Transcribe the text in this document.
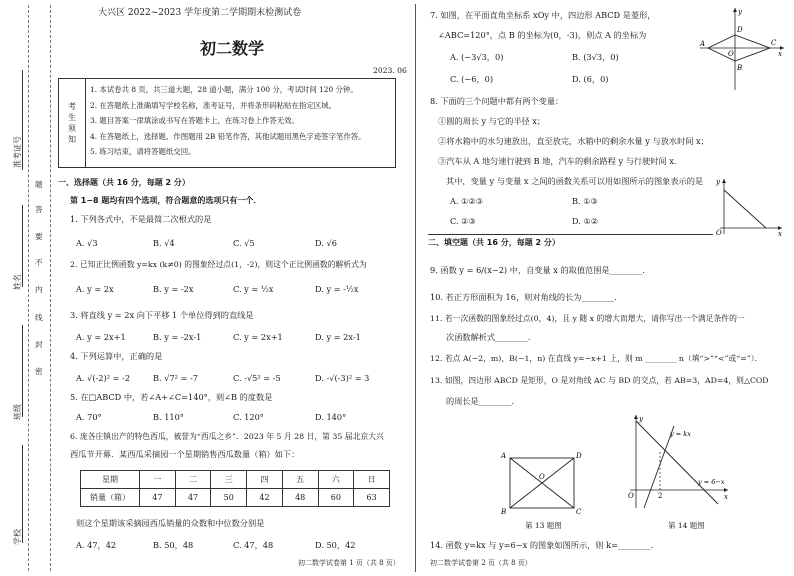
准考证号
姓名
班级
学校
题
答
要
不
内
线
封
密
大兴区 2022~2023 学年度第二学期期末检测试卷
初二数学
2023. 06
考生须知

1. 本试卷共 8 页，共三道大题，28 道小题，满分 100 分，考试时间 120 分钟。
2. 在答题纸上准确填写学校名称，准考证号，并将条形码粘贴在指定区域。
3. 题目答案一律填涂或书写在答题卡上，在练习卷上作答无效。
4. 在答题纸上，选择题、作图题用 2B 铅笔作答，其他试题用黑色字迹签字笔作答。
5. 练习结束，请将答题纸交回。
一、选择题（共 16 分，每题 2 分）
第 1−8 题均有四个选项，符合题意的选项只有一个．
1. 下列各式中，不是最简二次根式的是
A. √3	B. √4	C. √5	D. √6
2. 已知正比例函数 y=kx (k≠0) 的图象经过点(1，-2)，则这个正比例函数的解析式为
A. y = 2x	B. y = -2x	C. y = ½x	D. y = -½x
3. 将直线 y = 2x 向下平移 1 个单位得到的直线是
A. y = 2x+1	B. y = -2x-1	C. y = 2x+1	D. y = 2x-1
4. 下列运算中，正确的是
A. √(-2)² = -2	B. √7² = -7	C. -√5² = -5	D. -√(-3)² = 3
5. 在□ABCD 中，若∠A+∠C=140°，则∠B 的度数是
A. 70°	B. 110°	C. 120°	D. 140°
6. 庞各庄镇出产的特色西瓜，被誉为“西瓜之乡”．2023 年 5 月 28 日，第 35 届北京大兴
西瓜节开幕．某西瓜采摘园一个星期销售西瓜数量（箱）如下：
星期	一	二	三	四	五	六	日
销量（箱）	47	47	50	42	48	60	63
则这个星期该采摘园西瓜销量的众数和中位数分别是
A. 47，42	B. 50，48	C. 47，48	D. 50，42
初二数学试卷第 1 页（共 8 页）
7. 如图，在平面直角坐标系 xOy 中，四边形 ABCD 是菱形，
∠ABC=120°，点 B 的坐标为(0，-3)，则点 A 的坐标为
A. (−3√3，0)	B. (3√3，0)
C. (−6，0)	D. (6，0)
y
x
A
B
C
D
O
8. 下面的三个问题中都有两个变量：
①圆的周长 y 与它的半径 x；
②将水箱中的水匀速放出，直至放完，水箱中的剩余水量 y 与放水时间 x；
③汽车从 A 地匀速行驶到 B 地，汽车的剩余路程 y 与行驶时间 x．
其中，变量 y 与变量 x 之间的函数关系可以用如图所示的图象表示的是
A. ①②③	B. ①③
C. ②③	D. ①②
y
x
O
二、填空题（共 16 分，每题 2 分）
9. 函数 y = 6/(x−2) 中，自变量 x 的取值范围是________．
10. 若正方形面积为 16，则对角线的长为________．
11. 若一次函数的图象经过点(0，4)，且 y 随 x 的增大而增大，请你写出一个满足条件的一
次函数解析式________．
12. 若点 A(−2，m)，B(−1，n) 在直线 y=−x+1 上，则 m ________ n（填“>”“<”或“=”）．
13. 如图，四边形 ABCD 是矩形，O 是对角线 AC 与 BD 的交点，若 AB=3，AD=4，则△COD
的周长是________．
A
B	C
D
O
第 13 题图
y
x
O	2
y = kx
y = 6−x
第 14 题图
14. 函数 y=kx 与 y=6−x 的图象如图所示，则 k=________．
初二数学试卷第 2 页（共 8 页）
